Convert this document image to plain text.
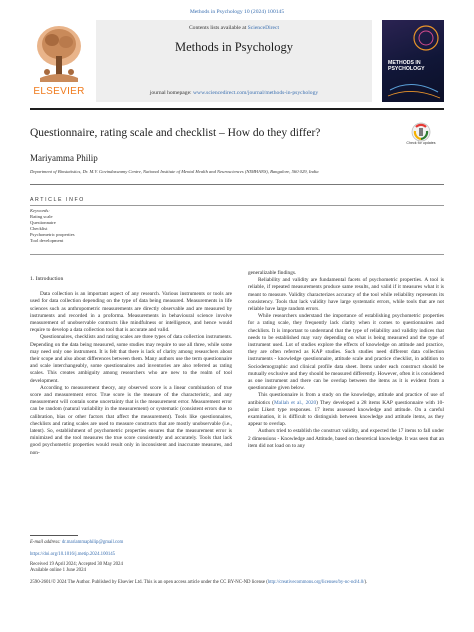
Methods in Psychology 10 (2024) 100145
ELSEVIER
Contents lists available at ScienceDirect
Methods in Psychology
journal homepage: www.sciencedirect.com/journal/methods-in-psychology
METHODS IN
PSYCHOLOGY
Questionnaire, rating scale and checklist – How do they differ?
Check for updates
Mariyamma Philip
Department of Biostatistics, Dr. M.V. Govindaswamy Centre, National Institute of Mental Health and Neurosciences (NIMHANS), Bangalore, 560 029, India
ARTICLE INFO
Keywords:
Rating scale
Questionnaire
Checklist
Psychometric properties
Tool development
1. Introduction

Data collection is an important aspect of any research. Various instruments or tools are used for data collection depending on the type of data being measured. Measurements in life sciences such as anthropometric measurements are directly observable and are measured by instruments and recorded in a proforma. Measurements in behavioural science involve measurement of unobservable contructs like mindfulness or intelligence, and hence would require to develop a data collection tool that is accurate and valid.

Questionnaires, checklists and rating scales are three types of data collection instruments. Depending on the data being measured, some studies may require to use all three, while some may need only one instrument. It is felt that there is lack of clarity among researchers about their scope and also about differences between them. Many authors use the term questionnaire and scale interchangeably, some questionnaires and inventories are also referred as rating scales. This creates ambiguity among researchers who are new to the realm of tool development.

According to measurement theory, any observed score is a linear combination of true score and measurement error. True score is the measure of the characteristic, and any measurement will contain some uncertainty that is the measurement error. Measurement error can be random (natural variability in the measurement) or systematic (consistent errors due to calibration, bias or other factors that affect the measurement). Tools like questionnaires, checklists and rating scales are used to measure constructs that are mostly unobservable (i.e., latent). So, establishment of psychometric properties ensures that the measurement error is minimized and the tool measures the true score consistently and accurately. Tools that lack good psychometric properties would result only in inconsistent and inaccurate measures, and non-

generalizable findings.

Reliability and validity are fundamental facets of psychometric properties. A tool is reliable, if repeated measurements produce same results, and valid if it measures what it is meant to measure. Validity characterizes accuracy of the tool while reliability represents its consistency. Tools that lack validity have large systematic errors, while tools that are not reliable have large random errors.

While researchers understand the importance of establishing psychometric properties for a rating scale, they frequently lack clarity when it comes to questionnaires and checklists. It is important to understand that the type of reliability and validity indices that needs to be established may vary depending on what is being measured and the type of instrument used. Lot of studies explore the effects of knowledge on attitude and practice, they are often referred as KAP studies. Such studies need different data collection instruments - knowledge questionnaire, attitude scale and practice checklist, in addition to Sociodemographic and clinical profile data sheet. Items under each construct should be mutually exclusive and they should be measured differently. However, often it is considered as one instrument and there can be overlap between the items as it is evident from a questionnaire given below.

This questionnaire is from a study on the knowledge, attitude and practice of use of antibiotics (Mallah et al., 2020) They developed a 28 items KAP questionnaire with 10-point Likert type responses. 17 items assessed knowledge and attitude. On a careful examination, it is difficult to distinguish between knowledge and attitude items, as they appear to overlap.

Authors tried to establish the construct validity, and expected the 17 items to fall under 2 dimensions - Knowledge and Attitude, based on theoretical knowledge. It was seen that an item did not load on to any

E-mail address: dr.mariammaphilip@gmail.com
https://doi.org/10.1016/j.metip.2024.100145
Received 19 April 2024; Accepted 30 May 2024
Available online 1 June 2024
2590-2601/© 2024 The Author. Published by Elsevier Ltd. This is an open access article under the CC BY-NC-ND license (http://creativecommons.org/licenses/by-nc-nd/4.0/).
